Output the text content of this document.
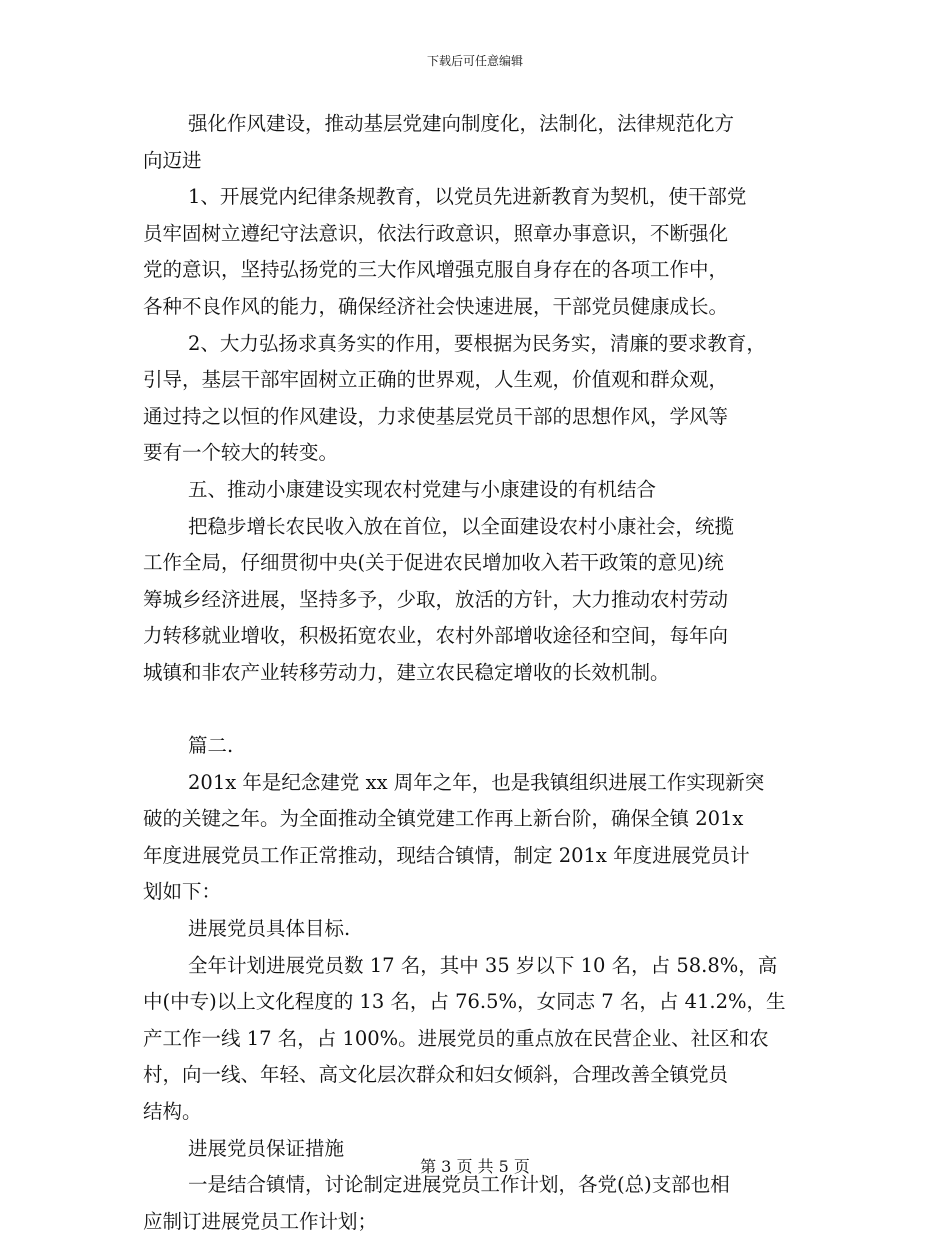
下载后可任意编辑
强化作风建设，推动基层党建向制度化，法制化，法律规范化方
向迈进
1、开展党内纪律条规教育，以党员先进新教育为契机，使干部党
员牢固树立遵纪守法意识，依法行政意识，照章办事意识，不断强化
党的意识，坚持弘扬党的三大作风增强克服自身存在的各项工作中，
各种不良作风的能力，确保经济社会快速进展，干部党员健康成长。
2、大力弘扬求真务实的作用，要根据为民务实，清廉的要求教育，
引导，基层干部牢固树立正确的世界观，人生观，价值观和群众观，
通过持之以恒的作风建设，力求使基层党员干部的思想作风，学风等
要有一个较大的转变。
五、推动小康建设实现农村党建与小康建设的有机结合
把稳步增长农民收入放在首位，以全面建设农村小康社会，统揽
工作全局，仔细贯彻中央(关于促进农民增加收入若干政策的意见)统
筹城乡经济进展，坚持多予，少取，放活的方针，大力推动农村劳动
力转移就业增收，积极拓宽农业，农村外部增收途径和空间，每年向
城镇和非农产业转移劳动力，建立农民稳定增收的长效机制。
篇二.
201x 年是纪念建党 xx 周年之年，也是我镇组织进展工作实现新突
破的关键之年。为全面推动全镇党建工作再上新台阶，确保全镇 201x
年度进展党员工作正常推动，现结合镇情，制定 201x 年度进展党员计
划如下：
进展党员具体目标.
全年计划进展党员数 17 名，其中 35 岁以下 10 名，占 58.8%，高
中(中专)以上文化程度的 13 名，占 76.5%，女同志 7 名，占 41.2%，生
产工作一线 17 名，占 100%。进展党员的重点放在民营企业、社区和农
村，向一线、年轻、高文化层次群众和妇女倾斜，合理改善全镇党员
结构。
进展党员保证措施
一是结合镇情，讨论制定进展党员工作计划，各党(总)支部也相
应制订进展党员工作计划；
第 3 页 共 5 页
